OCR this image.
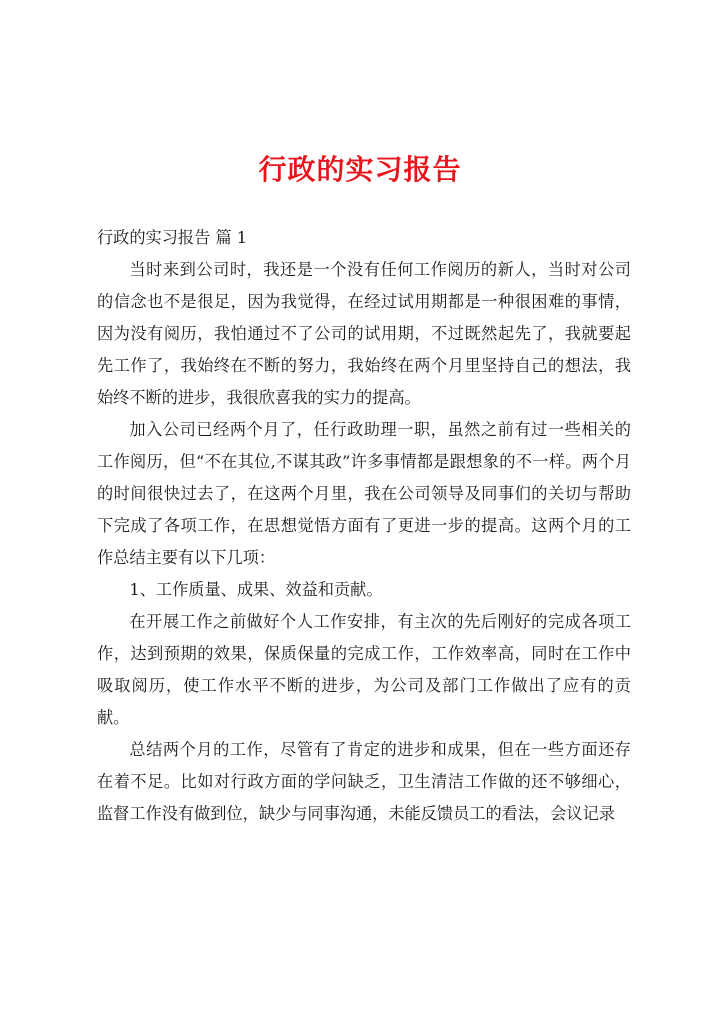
行政的实习报告

行政的实习报告 篇 1

当时来到公司时，我还是一个没有任何工作阅历的新人，当时对公司的信念也不是很足，因为我觉得，在经过试用期都是一种很困难的事情，因为没有阅历，我怕通过不了公司的试用期，不过既然起先了，我就要起先工作了，我始终在不断的努力，我始终在两个月里坚持自己的想法，我始终不断的进步，我很欣喜我的实力的提高。

加入公司已经两个月了，任行政助理一职，虽然之前有过一些相关的工作阅历，但“不在其位,不谋其政”许多事情都是跟想象的不一样。两个月的时间很快过去了，在这两个月里，我在公司领导及同事们的关切与帮助下完成了各项工作，在思想觉悟方面有了更进一步的提高。这两个月的工作总结主要有以下几项：

1、工作质量、成果、效益和贡献。

在开展工作之前做好个人工作安排，有主次的先后刚好的完成各项工作，达到预期的效果，保质保量的完成工作，工作效率高，同时在工作中吸取阅历，使工作水平不断的进步，为公司及部门工作做出了应有的贡献。

总结两个月的工作，尽管有了肯定的进步和成果，但在一些方面还存在着不足。比如对行政方面的学问缺乏，卫生清洁工作做的还不够细心，监督工作没有做到位，缺少与同事沟通，未能反馈员工的看法，会议记录
